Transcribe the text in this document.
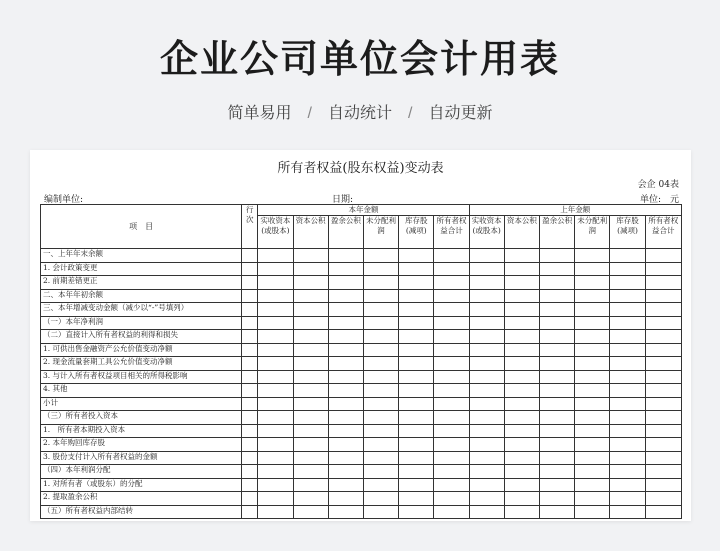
企业公司单位会计用表
简单易用 / 自动统计 / 自动更新
所有者权益(股东权益)变动表
会企 04表
编制单位:	日期:	单位:　元
项　目	行次	本年金额						上年金额					
		实收资本(或股本)	资本公积	盈余公积	未分配利润	库存股(减项)	所有者权益合计	实收资本(或股本)	资本公积	盈余公积	未分配利润	库存股(减项)	所有者权益合计
一、上年年末余额													
1. 会计政策变更													
2. 前期差错更正													
二、本年年初余额													
三、本年增减变动金额（减少以“-”号填列）													
（一）本年净利润													
（二）直接计入所有者权益的利得和损失													
1. 可供出售金融资产公允价值变动净额													
2. 现金流量套期工具公允价值变动净额													
3. 与计入所有者权益项目相关的所得税影响													
4. 其他													
小计													
（三）所有者投入资本													
1.　所有者本期投入资本													
2. 本年购回库存股													
3. 股份支付计入所有者权益的金额													
（四）本年利润分配													
1. 对所有者（或股东）的分配													
2. 提取盈余公积													
（五）所有者权益内部结转													
